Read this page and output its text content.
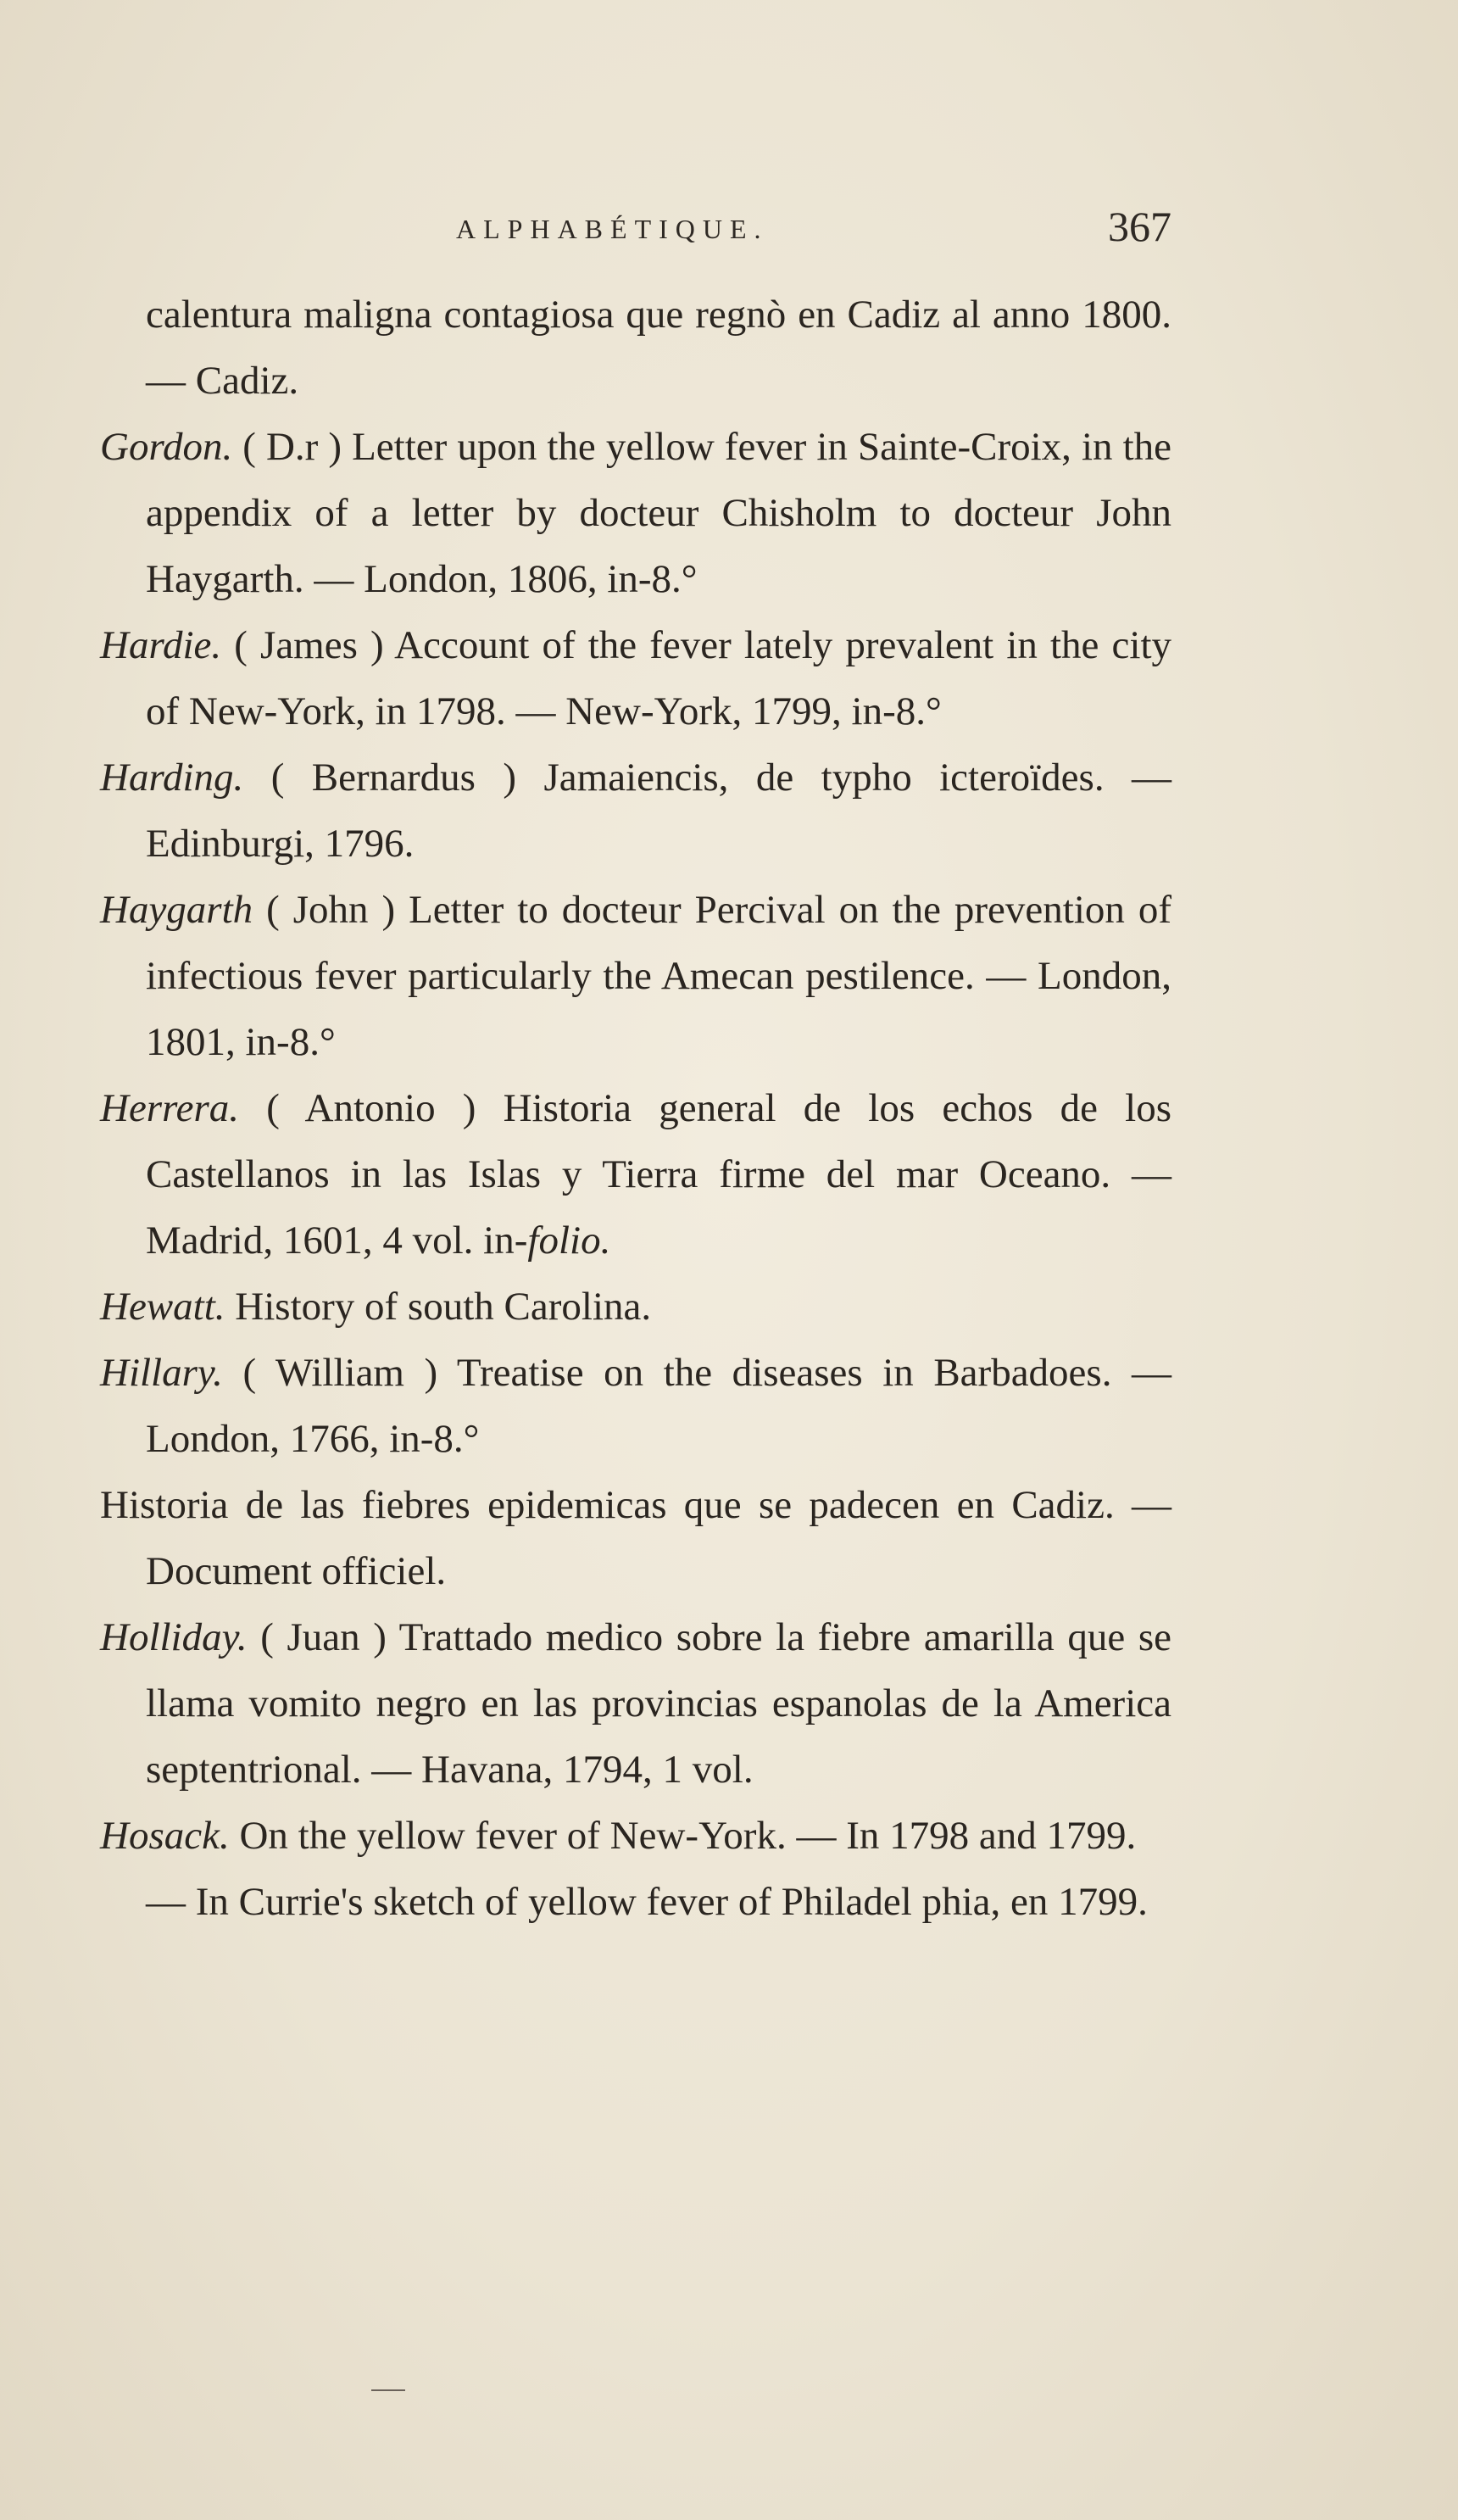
ALPHABÉTIQUE.	367

calentura maligna contagiosa que regnò en Cadiz al anno 1800. — Cadiz.

Gordon. ( D.r ) Letter upon the yellow fever in Sainte-Croix, in the appendix of a letter by docteur Chisholm to docteur John Haygarth. — London, 1806, in-8.°

Hardie. ( James ) Account of the fever lately prevalent in the city of New-York, in 1798. — New-York, 1799, in-8.°

Harding. ( Bernardus ) Jamaiencis, de typho icteroïdes. — Edinburgi, 1796.

Haygarth ( John ) Letter to docteur Percival on the prevention of infectious fever particularly the Amecan pestilence. — London, 1801, in-8.°

Herrera. ( Antonio ) Historia general de los echos de los Castellanos in las Islas y Tierra firme del mar Oceano. — Madrid, 1601, 4 vol. in-folio.

Hewatt. History of south Carolina.

Hillary. ( William ) Treatise on the diseases in Barbadoes. — London, 1766, in-8.°

Historia de las fiebres epidemicas que se padecen en Cadiz. — Document officiel.

Holliday. ( Juan ) Trattado medico sobre la fiebre amarilla que se llama vomito negro en las provincias espanolas de la America septentrional. — Havana, 1794, 1 vol.

Hosack. On the yellow fever of New-York. — In 1798 and 1799.

— In Currie's sketch of yellow fever of Philadel phia, en 1799.
